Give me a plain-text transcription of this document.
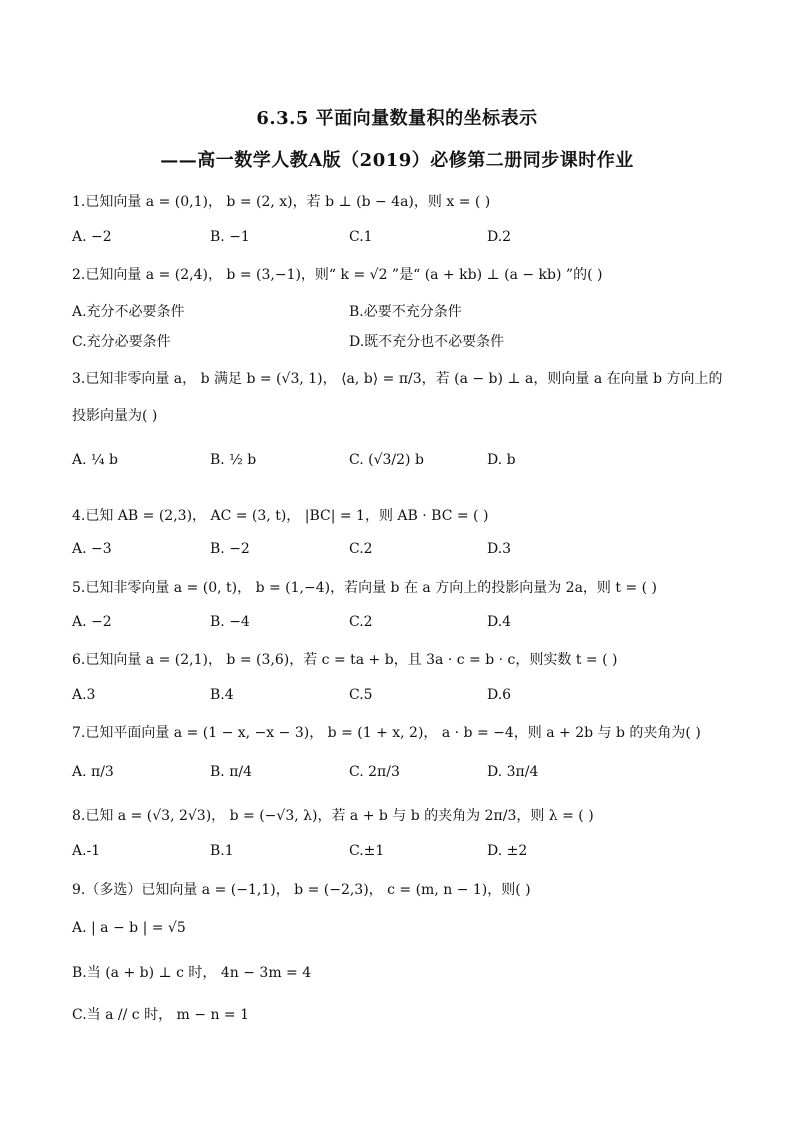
6.3.5 平面向量数量积的坐标表示
——高一数学人教A版（2019）必修第二册同步课时作业
1.已知向量 a = (0,1)， b = (2, x)，若 b ⊥ (b − 4a)，则 x = ( )
A. −2	B. −1	C.1	D.2
2.已知向量 a = (2,4)， b = (3,−1)，则“ k = √2 ”是“ (a + kb) ⊥ (a − kb) ”的( )
A.充分不必要条件	B.必要不充分条件
C.充分必要条件	D.既不充分也不必要条件
3.已知非零向量 a， b 满足 b = (√3, 1)， ⟨a, b⟩ = π/3，若 (a − b) ⊥ a，则向量 a 在向量 b 方向上的
投影向量为( )
A. ¼ b	B. ½ b	C. (√3/2) b	D. b
4.已知 AB = (2,3)， AC = (3, t)， |BC| = 1，则 AB · BC = ( )
A. −3	B. −2	C.2	D.3
5.已知非零向量 a = (0, t)， b = (1,−4)，若向量 b 在 a 方向上的投影向量为 2a，则 t = ( )
A. −2	B. −4	C.2	D.4
6.已知向量 a = (2,1)， b = (3,6)，若 c = ta + b，且 3a · c = b · c，则实数 t = ( )
A.3	B.4	C.5	D.6
7.已知平面向量 a = (1 − x, −x − 3)， b = (1 + x, 2)， a · b = −4，则 a + 2b 与 b 的夹角为( )
A. π/3	B. π/4	C. 2π/3	D. 3π/4
8.已知 a = (√3, 2√3)， b = (−√3, λ)，若 a + b 与 b 的夹角为 2π/3，则 λ = ( )
A.-1	B.1	C.±1	D. ±2
9.（多选）已知向量 a = (−1,1)， b = (−2,3)， c = (m, n − 1)，则( )
A. | a − b | = √5
B.当 (a + b) ⊥ c 时， 4n − 3m = 4
C.当 a // c 时， m − n = 1
